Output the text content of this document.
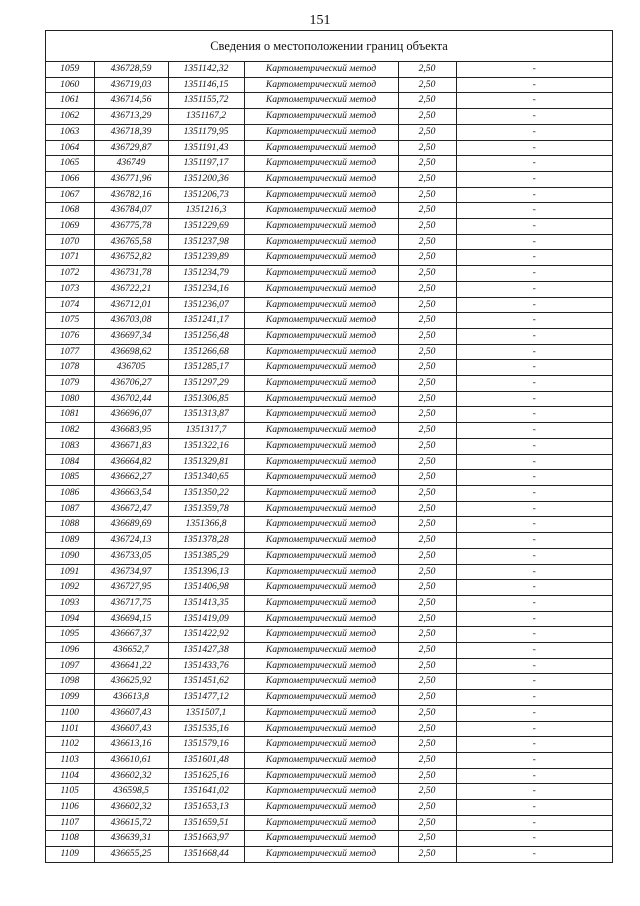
151
Сведения о местоположении границ объекта
1059	436728,59	1351142,32	Картометрический метод	2,50	-
1060	436719,03	1351146,15	Картометрический метод	2,50	-
1061	436714,56	1351155,72	Картометрический метод	2,50	-
1062	436713,29	1351167,2	Картометрический метод	2,50	-
1063	436718,39	1351179,95	Картометрический метод	2,50	-
1064	436729,87	1351191,43	Картометрический метод	2,50	-
1065	436749	1351197,17	Картометрический метод	2,50	-
1066	436771,96	1351200,36	Картометрический метод	2,50	-
1067	436782,16	1351206,73	Картометрический метод	2,50	-
1068	436784,07	1351216,3	Картометрический метод	2,50	-
1069	436775,78	1351229,69	Картометрический метод	2,50	-
1070	436765,58	1351237,98	Картометрический метод	2,50	-
1071	436752,82	1351239,89	Картометрический метод	2,50	-
1072	436731,78	1351234,79	Картометрический метод	2,50	-
1073	436722,21	1351234,16	Картометрический метод	2,50	-
1074	436712,01	1351236,07	Картометрический метод	2,50	-
1075	436703,08	1351241,17	Картометрический метод	2,50	-
1076	436697,34	1351256,48	Картометрический метод	2,50	-
1077	436698,62	1351266,68	Картометрический метод	2,50	-
1078	436705	1351285,17	Картометрический метод	2,50	-
1079	436706,27	1351297,29	Картометрический метод	2,50	-
1080	436702,44	1351306,85	Картометрический метод	2,50	-
1081	436696,07	1351313,87	Картометрический метод	2,50	-
1082	436683,95	1351317,7	Картометрический метод	2,50	-
1083	436671,83	1351322,16	Картометрический метод	2,50	-
1084	436664,82	1351329,81	Картометрический метод	2,50	-
1085	436662,27	1351340,65	Картометрический метод	2,50	-
1086	436663,54	1351350,22	Картометрический метод	2,50	-
1087	436672,47	1351359,78	Картометрический метод	2,50	-
1088	436689,69	1351366,8	Картометрический метод	2,50	-
1089	436724,13	1351378,28	Картометрический метод	2,50	-
1090	436733,05	1351385,29	Картометрический метод	2,50	-
1091	436734,97	1351396,13	Картометрический метод	2,50	-
1092	436727,95	1351406,98	Картометрический метод	2,50	-
1093	436717,75	1351413,35	Картометрический метод	2,50	-
1094	436694,15	1351419,09	Картометрический метод	2,50	-
1095	436667,37	1351422,92	Картометрический метод	2,50	-
1096	436652,7	1351427,38	Картометрический метод	2,50	-
1097	436641,22	1351433,76	Картометрический метод	2,50	-
1098	436625,92	1351451,62	Картометрический метод	2,50	-
1099	436613,8	1351477,12	Картометрический метод	2,50	-
1100	436607,43	1351507,1	Картометрический метод	2,50	-
1101	436607,43	1351535,16	Картометрический метод	2,50	-
1102	436613,16	1351579,16	Картометрический метод	2,50	-
1103	436610,61	1351601,48	Картометрический метод	2,50	-
1104	436602,32	1351625,16	Картометрический метод	2,50	-
1105	436598,5	1351641,02	Картометрический метод	2,50	-
1106	436602,32	1351653,13	Картометрический метод	2,50	-
1107	436615,72	1351659,51	Картометрический метод	2,50	-
1108	436639,31	1351663,97	Картометрический метод	2,50	-
1109	436655,25	1351668,44	Картометрический метод	2,50	-
